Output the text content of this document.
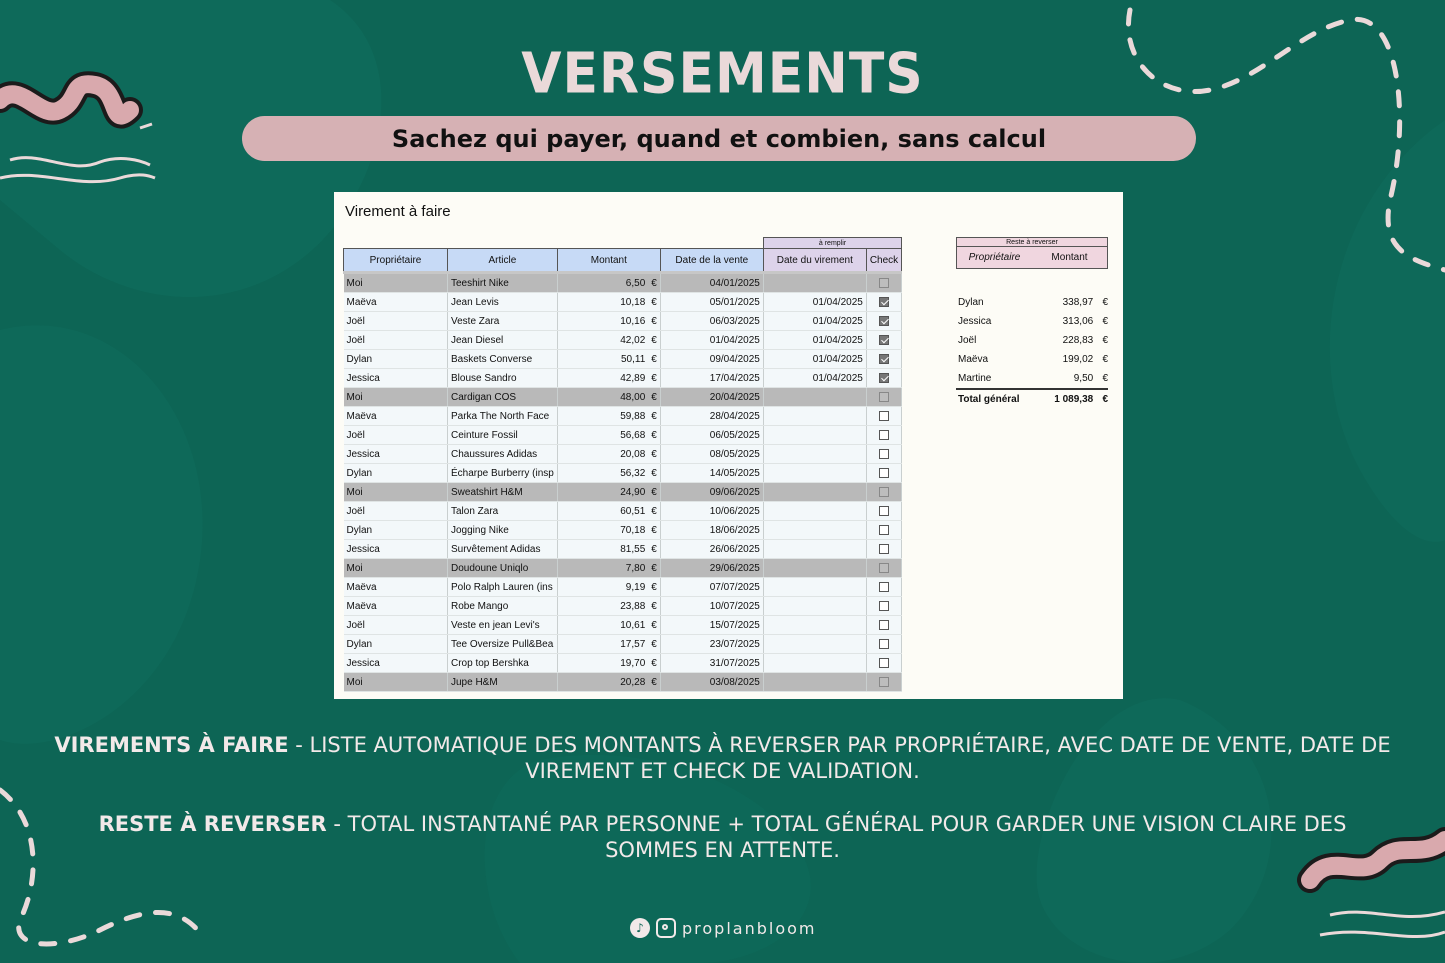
VERSEMENTS
Sachez qui payer, quand et combien, sans calcul
Virement à faire
				à remplir	
Propriétaire	Article	Montant	Date de la vente	Date du virement	Check
Moi	Teeshirt Nike	6,50 €	04/01/2025		
Maëva	Jean Levis	10,18 €	05/01/2025	01/04/2025	
Joël	Veste Zara	10,16 €	06/03/2025	01/04/2025	
Joël	Jean Diesel	42,02 €	01/04/2025	01/04/2025	
Dylan	Baskets Converse	50,11 €	09/04/2025	01/04/2025	
Jessica	Blouse Sandro	42,89 €	17/04/2025	01/04/2025	
Moi	Cardigan COS	48,00 €	20/04/2025		
Maëva	Parka The North Face	59,88 €	28/04/2025		
Joël	Ceinture Fossil	56,68 €	06/05/2025		
Jessica	Chaussures Adidas	20,08 €	08/05/2025		
Dylan	Écharpe Burberry (insp	56,32 €	14/05/2025		
Moi	Sweatshirt H&M	24,90 €	09/06/2025		
Joël	Talon Zara	60,51 €	10/06/2025		
Dylan	Jogging Nike	70,18 €	18/06/2025		
Jessica	Survêtement Adidas	81,55 €	26/06/2025		
Moi	Doudoune Uniqlo	7,80 €	29/06/2025		
Maëva	Polo Ralph Lauren (ins	9,19 €	07/07/2025		
Maëva	Robe Mango	23,88 €	10/07/2025		
Joël	Veste en jean Levi's	10,61 €	15/07/2025		
Dylan	Tee Oversize Pull&Bea	17,57 €	23/07/2025		
Jessica	Crop top Bershka	19,70 €	31/07/2025		
Moi	Jupe H&M	20,28 €	03/08/2025		
Reste à reverser
Propriétaire	Montant
Dylan	338,97 €
Jessica	313,06 €
Joël	228,83 €
Maëva	199,02 €
Martine	9,50 €
Total général	1 089,38 €
VIREMENTS À FAIRE - LISTE AUTOMATIQUE DES MONTANTS À REVERSER PAR PROPRIÉTAIRE, AVEC DATE DE VENTE, DATE DE VIREMENT ET CHECK DE VALIDATION.
RESTE À REVERSER - TOTAL INSTANTANÉ PAR PERSONNE + TOTAL GÉNÉRAL POUR GARDER UNE VISION CLAIRE DES SOMMES EN ATTENTE.
♪	proplanbloom
